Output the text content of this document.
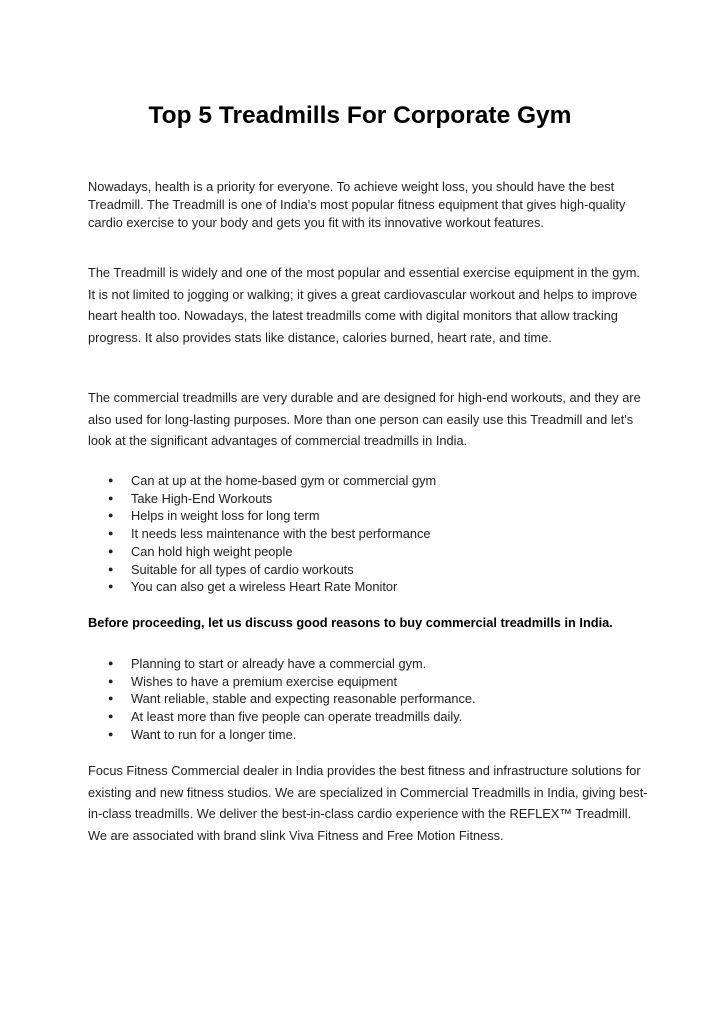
Top 5 Treadmills For Corporate Gym

Nowadays, health is a priority for everyone. To achieve weight loss, you should have the best Treadmill. The Treadmill is one of India's most popular fitness equipment that gives high-quality cardio exercise to your body and gets you fit with its innovative workout features.

The Treadmill is widely and one of the most popular and essential exercise equipment in the gym. It is not limited to jogging or walking; it gives a great cardiovascular workout and helps to improve heart health too. Nowadays, the latest treadmills come with digital monitors that allow tracking progress. It also provides stats like distance, calories burned, heart rate, and time.

The commercial treadmills are very durable and are designed for high-end workouts, and they are also used for long-lasting purposes. More than one person can easily use this Treadmill and let's look at the significant advantages of commercial treadmills in India.

● Can at up at the home-based gym or commercial gym
● Take High-End Workouts
● Helps in weight loss for long term
● It needs less maintenance with the best performance
● Can hold high weight people
● Suitable for all types of cardio workouts
● You can also get a wireless Heart Rate Monitor

Before proceeding, let us discuss good reasons to buy commercial treadmills in India.

● Planning to start or already have a commercial gym.
● Wishes to have a premium exercise equipment
● Want reliable, stable and expecting reasonable performance.
● At least more than five people can operate treadmills daily.
● Want to run for a longer time.

Focus Fitness Commercial dealer in India provides the best fitness and infrastructure solutions for existing and new fitness studios. We are specialized in Commercial Treadmills in India, giving best-in-class treadmills. We deliver the best-in-class cardio experience with the REFLEX™ Treadmill. We are associated with brand slink Viva Fitness and Free Motion Fitness.
